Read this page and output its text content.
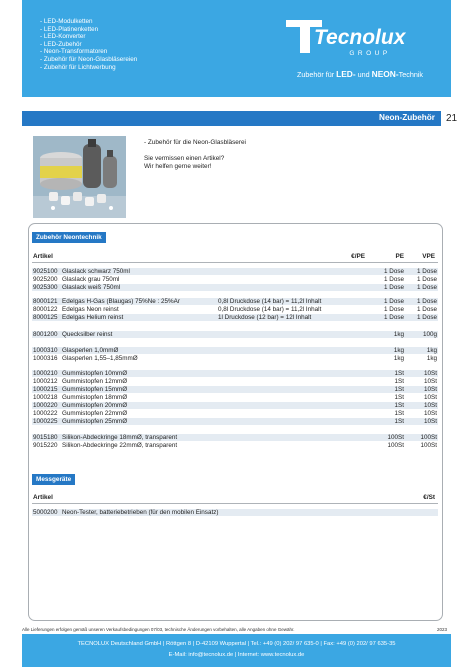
- LED-Modulketten
- LED-Platinenketten
- LED-Konverter
- LED-Zubehör
- Neon-Transformatoren
- Zubehör für Neon-Glasbläsereien
- Zubehör für Lichtwerbung
Tecnolux
GROUP
Zubehör für LED- und NEON-Technik
Neon-Zubehör 21
- Zubehör für die Neon-Glasbläserei
Sie vermissen einen Artikel?
Wir helfen gerne weiter!
Zubehör Neontechnik
Artikel	€/PE	PE	VPE
9025100 Glaslack schwarz 750ml	1 Dose 1 Dose
9025200 Glaslack grau 750ml	1 Dose 1 Dose
9025300 Glaslack weiß 750ml	1 Dose 1 Dose
8000121 Edelgas H-Gas (Blaugas) 75%Ne : 25%Ar	0,8l Druckdose (14 bar) = 11,2l Inhalt	1 Dose 1 Dose
8000122 Edelgas Neon reinst	0,8l Druckdose (14 bar) = 11,2l Inhalt	1 Dose 1 Dose
8000125 Edelgas Helium reinst	1l Druckdose (12 bar) = 12l Inhalt	1 Dose 1 Dose
8001200 Quecksilber reinst	1kg	100g
1000310 Glasperlen 1,0mmØ	1kg	1kg
1000316 Glasperlen 1,55–1,85mmØ	1kg	1kg
1000210 Gummistopfen 10mmØ	1St	10St
1000212 Gummistopfen 12mmØ	1St	10St
1000215 Gummistopfen 15mmØ	1St	10St
1000218 Gummistopfen 18mmØ	1St	10St
1000220 Gummistopfen 20mmØ	1St	10St
1000222 Gummistopfen 22mmØ	1St	10St
1000225 Gummistopfen 25mmØ	1St	10St
9015180 Silikon-Abdeckringe 18mmØ, transparent	100St	100St
9015220 Silikon-Abdeckringe 22mmØ, transparent	100St	100St
Messgeräte
Artikel	€/St
5000200 Neon-Tester, batteriebetrieben (für den mobilen Einsatz)
Alle Lieferungen erfolgen gemäß unseren Verkaufsbedingungen 07/03, technische Änderungen vorbehalten, alle Angaben ohne Gewähr.	2023
TECNOLUX Deutschland GmbH | Röttgen 8 | D-42109 Wuppertal | Tel.: +49 (0) 202/ 97 635-0 | Fax: +49 (0) 202/ 97 635-35
E-Mail: info@tecnolux.de | Internet: www.tecnolux.de
